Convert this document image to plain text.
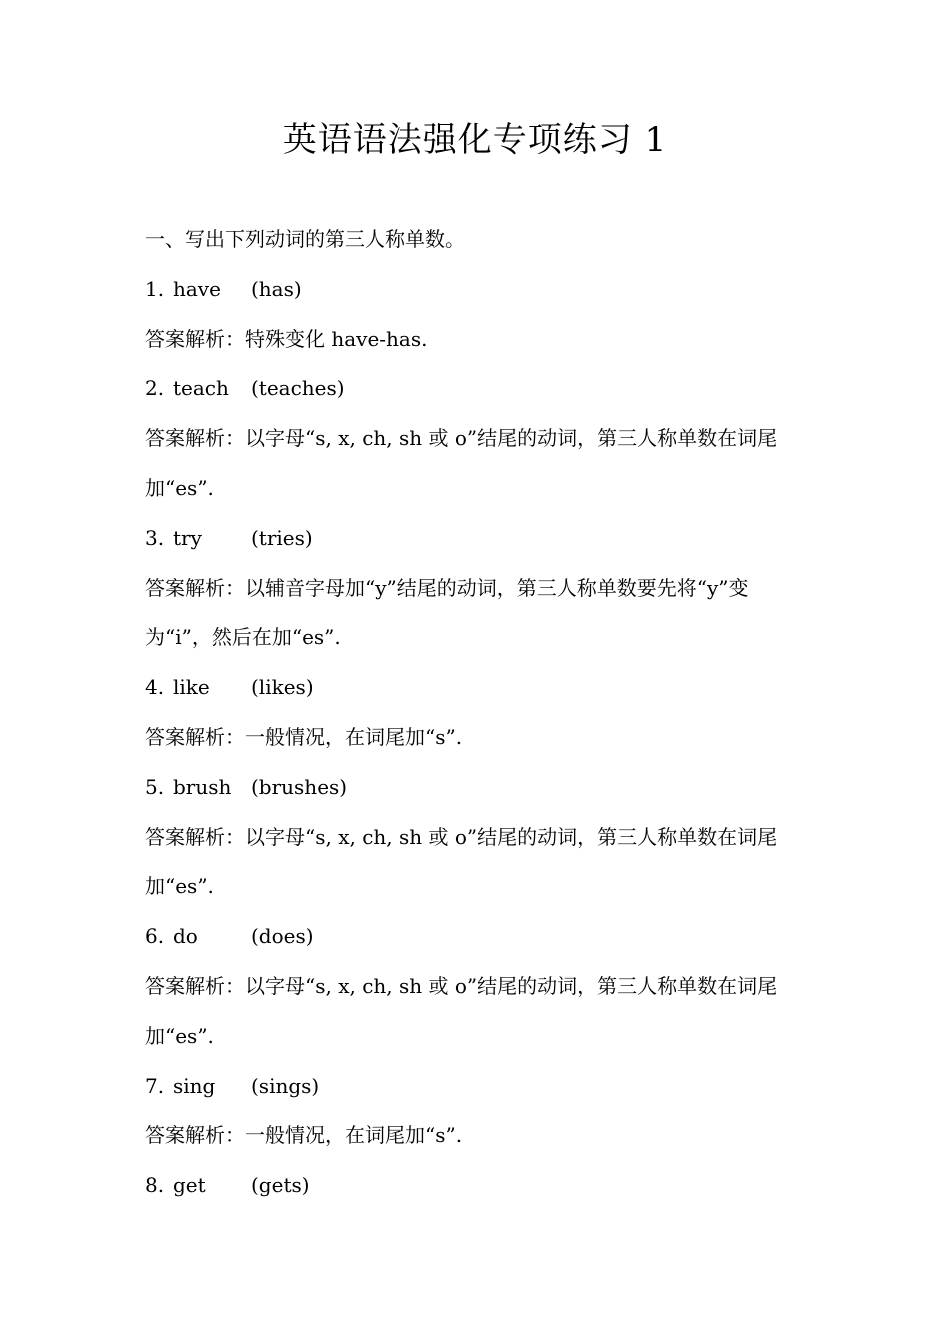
英语语法强化专项练习 1
一、写出下列动词的第三人称单数。
1. have (has)
答案解析：特殊变化 have-has.
2. teach (teaches)
答案解析：以字母“s, x, ch, sh 或 o”结尾的动词，第三人称单数在词尾加“es”.
3. try (tries)
答案解析：以辅音字母加“y”结尾的动词，第三人称单数要先将“y”变为“i”，然后在加“es”.
4. like (likes)
答案解析：一般情况，在词尾加“s”.
5. brush (brushes)
答案解析：以字母“s, x, ch, sh 或 o”结尾的动词，第三人称单数在词尾加“es”.
6. do	(does)
答案解析：以字母“s, x, ch, sh 或 o”结尾的动词，第三人称单数在词尾加“es”.
7. sing (sings)
答案解析：一般情况，在词尾加“s”.
8. get (gets)
